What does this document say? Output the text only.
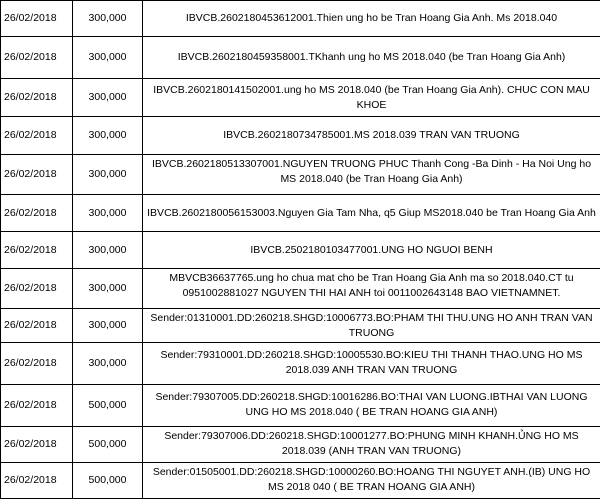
26/02/2018	300,000	IBVCB.2602180453612001.Thien ung ho be Tran Hoang Gia Anh. Ms 2018.040
26/02/2018	300,000	IBVCB.2602180459358001.TKhanh ung ho MS 2018.040 (be Tran Hoang Gia Anh)
26/02/2018	300,000	IBVCB.2602180141502001.ung ho MS 2018.040 (be Tran Hoang Gia Anh). CHUC CON MAU KHOE
26/02/2018	300,000	IBVCB.2602180734785001.MS 2018.039 TRAN VAN TRUONG
26/02/2018	300,000	IBVCB.2602180513307001.NGUYEN TRUONG PHUC Thanh Cong -Ba Dinh - Ha Noi Ung ho MS 2018.040 (be Tran Hoang Gia Anh)
26/02/2018	300,000	IBVCB.2602180056153003.Nguyen Gia Tam Nha, q5 Giup MS2018.040 be Tran Hoang Gia Anh
26/02/2018	300,000	IBVCB.2502180103477001.UNG HO NGUOI BENH
26/02/2018	300,000	MBVCB36637765.ung ho chua mat cho be Tran Hoang Gia Anh ma so 2018.040.CT tu 0951002881027 NGUYEN THI HAI ANH toi 0011002643148 BAO VIETNAMNET.
26/02/2018	300,000	Sender:01310001.DD:260218.SHGD:10006773.BO:PHAM THI THU.UNG HO ANH TRAN VAN TRUONG
26/02/2018	300,000	Sender:79310001.DD:260218.SHGD:10005530.BO:KIEU THI THANH THAO.UNG HO MS 2018.039 ANH TRAN VAN TRUONG
26/02/2018	500,000	Sender:79307005.DD:260218.SHGD:10016286.BO:THAI VAN LUONG.IBTHAI VAN LUONG UNG HO MS 2018.040 ( BE TRAN HOANG GIA ANH)
26/02/2018	500,000	Sender:79307006.DD:260218.SHGD:10001277.BO:PHUNG MINH KHANH.ỦNG HO MS 2018.039 (ANH TRAN VAN TRUONG)
26/02/2018	500,000	Sender:01505001.DD:260218.SHGD:10000260.BO:HOANG THI NGUYET ANH.(IB) UNG HO MS 2018 040 ( BE TRAN HOANG GIA ANH)
